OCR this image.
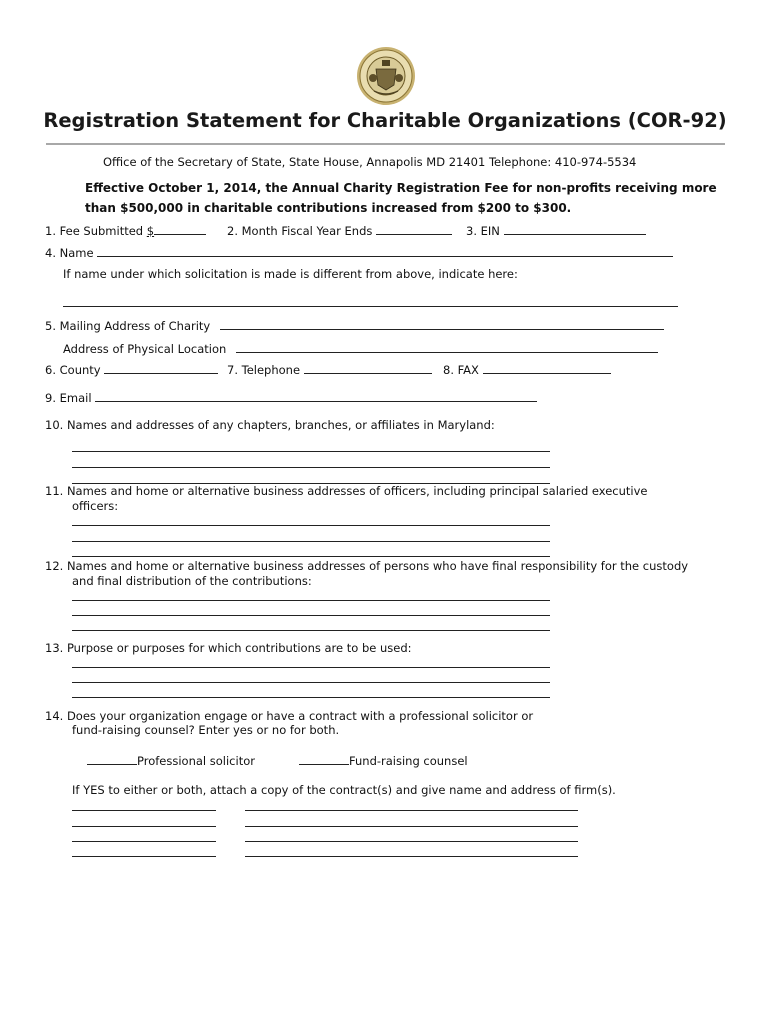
Registration Statement for Charitable Organizations (COR-92)
Office of the Secretary of State, State House, Annapolis MD 21401 Telephone: 410-974-5534
Effective October 1, 2014, the Annual Charity Registration Fee for non-profits receiving more
than $500,000 in charitable contributions increased from $200 to $300.
1. Fee Submitted $	2. Month Fiscal Year Ends	3. EIN
4. Name
If name under which solicitation is made is different from above, indicate here:
5. Mailing Address of Charity
Address of Physical Location
6. County	7. Telephone	8. FAX
9. Email
10. Names and addresses of any chapters, branches, or affiliates in Maryland:
11. Names and home or alternative business addresses of officers, including principal salaried executive
officers:
12. Names and home or alternative business addresses of persons who have final responsibility for the custody
and final distribution of the contributions:
13. Purpose or purposes for which contributions are to be used:
14. Does your organization engage or have a contract with a professional solicitor or
fund-raising counsel? Enter yes or no for both.
Professional solicitor	Fund-raising counsel
If YES to either or both, attach a copy of the contract(s) and give name and address of firm(s).
